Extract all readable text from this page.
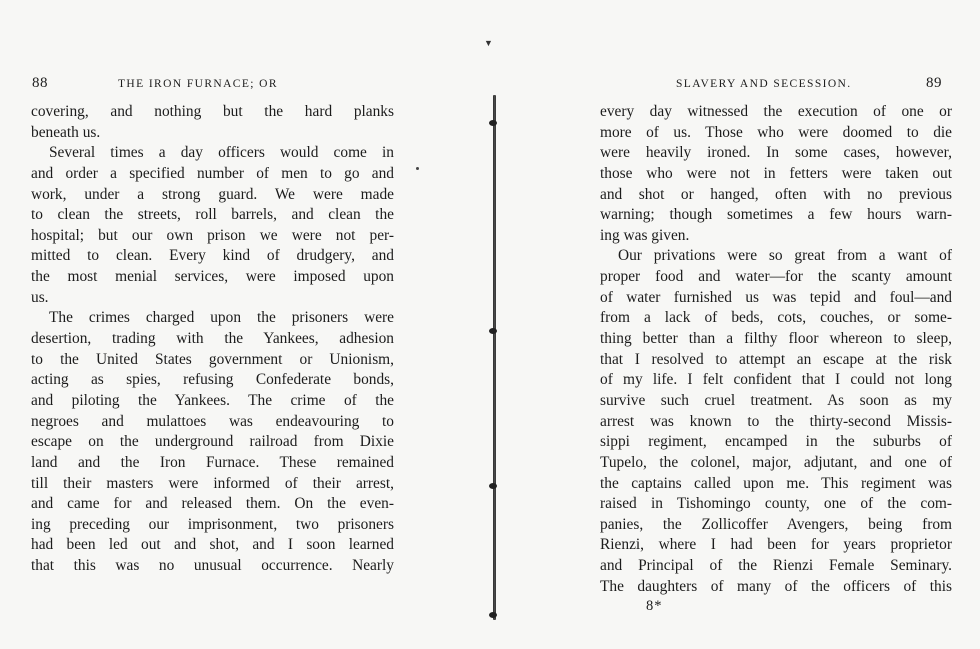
▼
88	THE IRON FURNACE; OR
covering, and nothing but the hard planks
beneath us.
Several times a day officers would come in
and order a specified number of men to go and
work, under a strong guard. We were made
to clean the streets, roll barrels, and clean the
hospital; but our own prison we were not per-
mitted to clean. Every kind of drudgery, and
the most menial services, were imposed upon
us.
The crimes charged upon the prisoners were
desertion, trading with the Yankees, adhesion
to the United States government or Unionism,
acting as spies, refusing Confederate bonds,
and piloting the Yankees. The crime of the
negroes and mulattoes was endeavouring to
escape on the underground railroad from Dixie
land and the Iron Furnace. These remained
till their masters were informed of their arrest,
and came for and released them. On the even-
ing preceding our imprisonment, two prisoners
had been led out and shot, and I soon learned
that this was no unusual occurrence. Nearly
SLAVERY AND SECESSION.	89
every day witnessed the execution of one or
more of us. Those who were doomed to die
were heavily ironed. In some cases, however,
those who were not in fetters were taken out
and shot or hanged, often with no previous
warning; though sometimes a few hours warn-
ing was given.
Our privations were so great from a want of
proper food and water—for the scanty amount
of water furnished us was tepid and foul—and
from a lack of beds, cots, couches, or some-
thing better than a filthy floor whereon to sleep,
that I resolved to attempt an escape at the risk
of my life. I felt confident that I could not long
survive such cruel treatment. As soon as my
arrest was known to the thirty-second Missis-
sippi regiment, encamped in the suburbs of
Tupelo, the colonel, major, adjutant, and one of
the captains called upon me. This regiment was
raised in Tishomingo county, one of the com-
panies, the Zollicoffer Avengers, being from
Rienzi, where I had been for years proprietor
and Principal of the Rienzi Female Seminary.
The daughters of many of the officers of this
8*
